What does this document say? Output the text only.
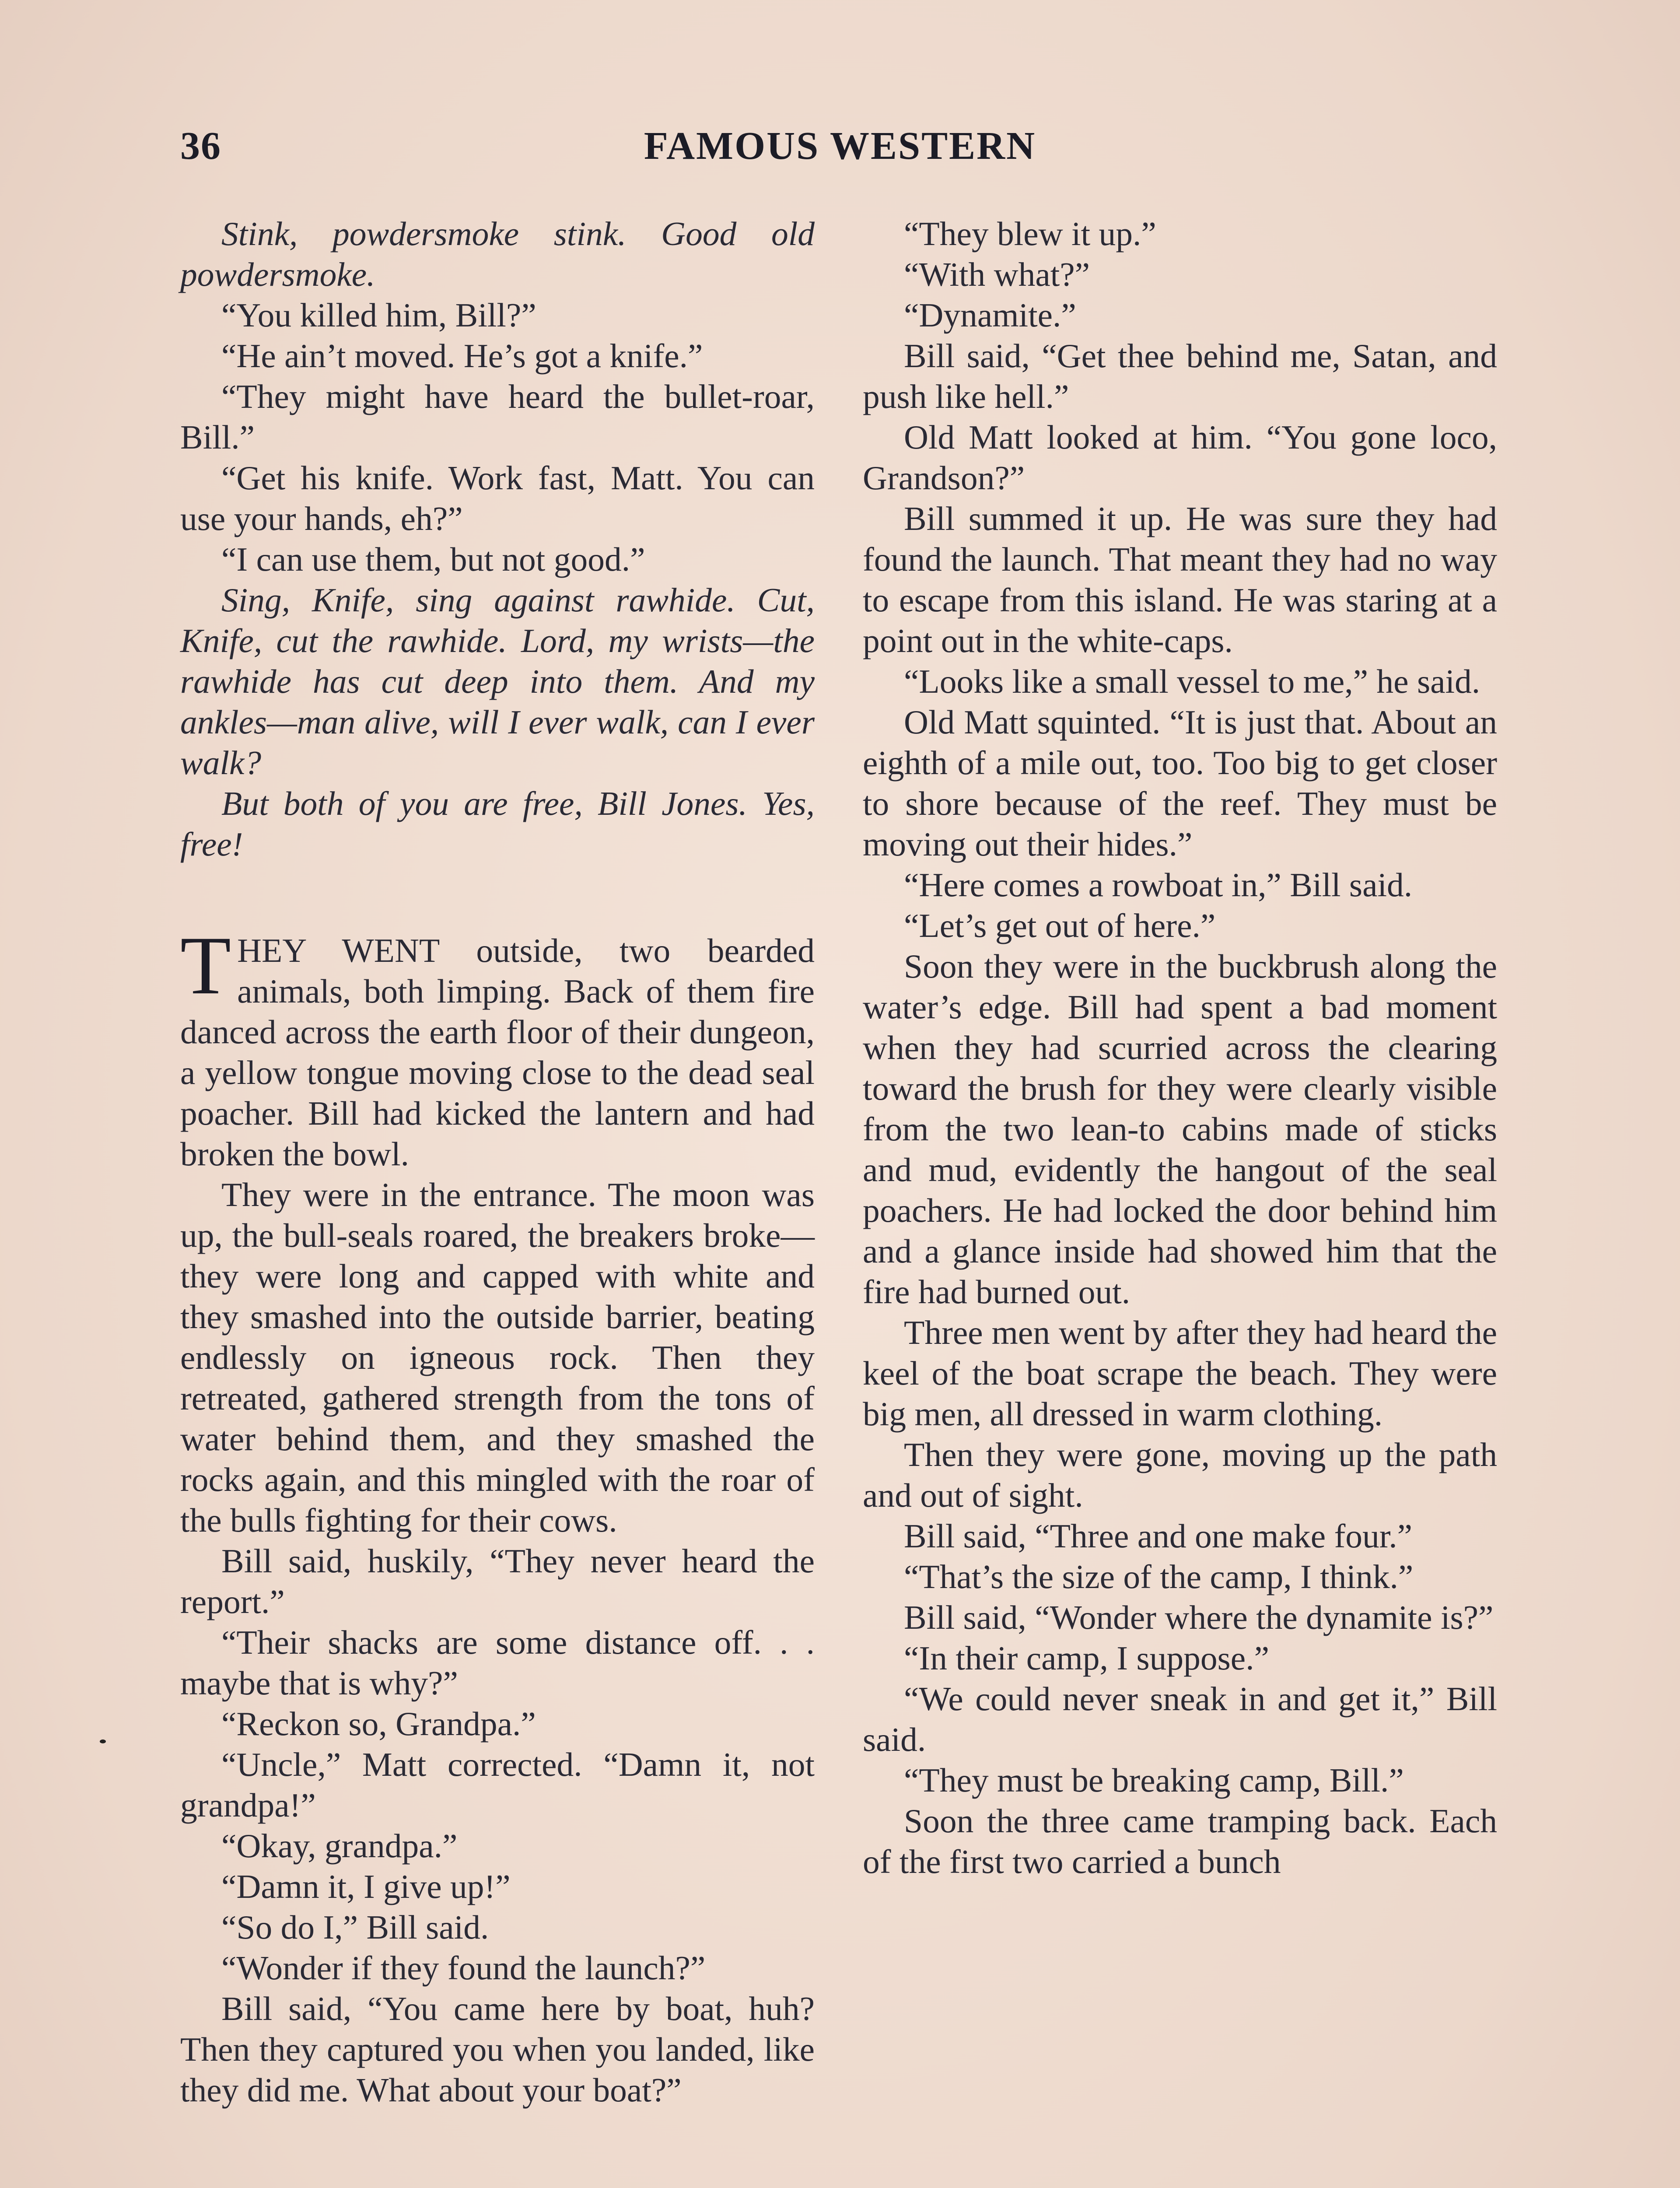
36	FAMOUS WESTERN

Stink, powdersmoke stink. Good old powdersmoke.

“You killed him, Bill?”

“He ain’t moved. He’s got a knife.”

“They might have heard the bullet-roar, Bill.”

“Get his knife. Work fast, Matt. You can use your hands, eh?”

“I can use them, but not good.”

Sing, Knife, sing against rawhide. Cut, Knife, cut the rawhide. Lord, my wrists—the rawhide has cut deep into them. And my ankles—man alive, will I ever walk, can I ever walk?

But both of you are free, Bill Jones. Yes, free!

THEY WENT outside, two bearded animals, both limping. Back of them fire danced across the earth floor of their dungeon, a yellow tongue moving close to the dead seal poacher. Bill had kicked the lantern and had broken the bowl.

They were in the entrance. The moon was up, the bull-seals roared, the breakers broke—they were long and capped with white and they smashed into the outside barrier, beating endlessly on igneous rock. Then they retreated, gathered strength from the tons of water behind them, and they smashed the rocks again, and this mingled with the roar of the bulls fighting for their cows.

Bill said, huskily, “They never heard the report.”

“Their shacks are some distance off. . . maybe that is why?”

“Reckon so, Grandpa.”

“Uncle,” Matt corrected. “Damn it, not grandpa!”

“Okay, grandpa.”

“Damn it, I give up!”

“So do I,” Bill said.

“Wonder if they found the launch?”

Bill said, “You came here by boat, huh? Then they captured you when you landed, like they did me. What about your boat?”

“They blew it up.”

“With what?”

“Dynamite.”

Bill said, “Get thee behind me, Satan, and push like hell.”

Old Matt looked at him. “You gone loco, Grandson?”

Bill summed it up. He was sure they had found the launch. That meant they had no way to escape from this island. He was staring at a point out in the white-caps.

“Looks like a small vessel to me,” he said.

Old Matt squinted. “It is just that. About an eighth of a mile out, too. Too big to get closer to shore because of the reef. They must be moving out their hides.”

“Here comes a rowboat in,” Bill said.

“Let’s get out of here.”

Soon they were in the buckbrush along the water’s edge. Bill had spent a bad moment when they had scurried across the clearing toward the brush for they were clearly visible from the two lean-to cabins made of sticks and mud, evidently the hangout of the seal poachers. He had locked the door behind him and a glance inside had showed him that the fire had burned out.

Three men went by after they had heard the keel of the boat scrape the beach. They were big men, all dressed in warm clothing.

Then they were gone, moving up the path and out of sight.

Bill said, “Three and one make four.”

“That’s the size of the camp, I think.”

Bill said, “Wonder where the dynamite is?”

“In their camp, I suppose.”

“We could never sneak in and get it,” Bill said.

“They must be breaking camp, Bill.”

Soon the three came tramping back. Each of the first two carried a bunch
